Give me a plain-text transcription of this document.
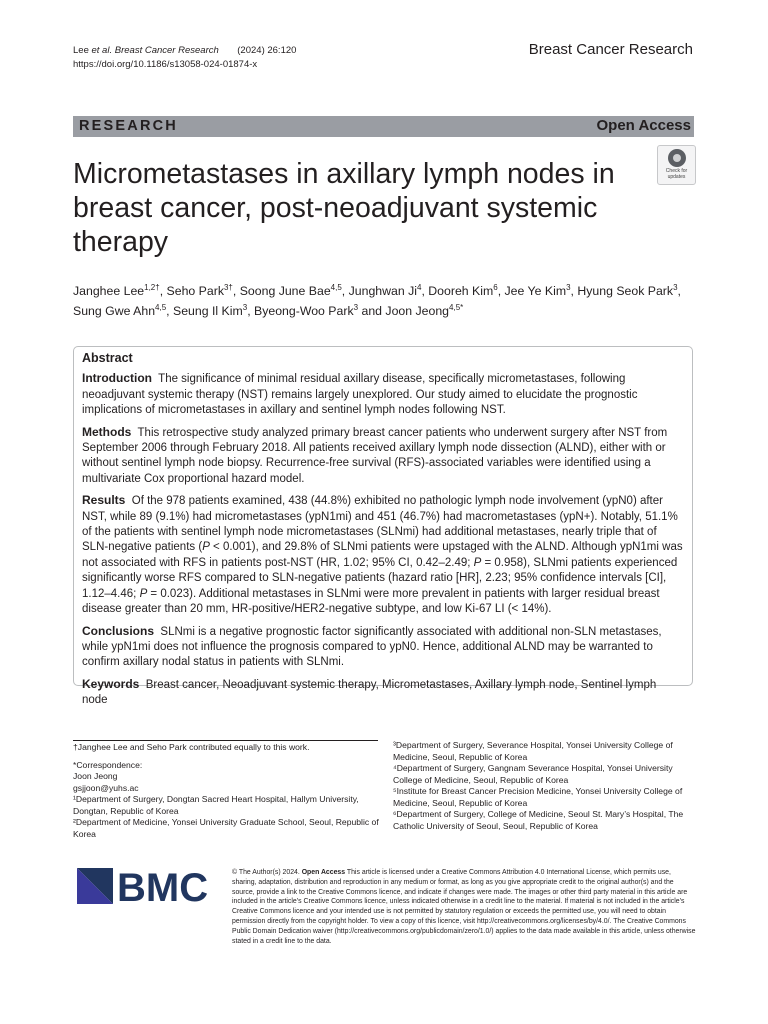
Lee et al. Breast Cancer Research (2024) 26:120
https://doi.org/10.1186/s13058-024-01874-x
Breast Cancer Research
RESEARCH	Open Access
Check for
updates
Micrometastases in axillary lymph nodes in breast cancer, post-neoadjuvant systemic therapy
Janghee Lee$^{1,2\dagger}$, Seho Park$^{3\dagger}$, Soong June Bae$^{4,5}$, Junghwan Ji$^4$, Dooreh Kim$^6$, Jee Ye Kim$^3$, Hyung Seok Park$^3$, Sung Gwe Ahn$^{4,5}$, Seung Il Kim$^3$, Byeong-Woo Park$^3$ and Joon Jeong$^{4,5*}$
Abstract

Introduction The significance of minimal residual axillary disease, specifically micrometastases, following neoadjuvant systemic therapy (NST) remains largely unexplored. Our study aimed to elucidate the prognostic implications of micrometastases in axillary and sentinel lymph nodes following NST.

Methods This retrospective study analyzed primary breast cancer patients who underwent surgery after NST from September 2006 through February 2018. All patients received axillary lymph node dissection (ALND), either with or without sentinel lymph node biopsy. Recurrence-free survival (RFS)-associated variables were identified using a multivariate Cox proportional hazard model.

Results Of the 978 patients examined, 438 (44.8%) exhibited no pathologic lymph node involvement (ypN0) after NST, while 89 (9.1%) had micrometastases (ypN1mi) and 451 (46.7%) had macrometastases (ypN+). Notably, 51.1% of the patients with sentinel lymph node micrometastases (SLNmi) had additional metastases, nearly triple that of SLN-negative patients (P < 0.001), and 29.8% of SLNmi patients were upstaged with the ALND. Although ypN1mi was not associated with RFS in patients post-NST (HR, 1.02; 95% CI, 0.42–2.49; P = 0.958), SLNmi patients experienced significantly worse RFS compared to SLN-negative patients (hazard ratio [HR], 2.23; 95% confidence intervals [CI], 1.12–4.46; P = 0.023). Additional metastases in SLNmi were more prevalent in patients with larger residual breast disease greater than 20 mm, HR-positive/HER2-negative subtype, and low Ki-67 LI (< 14%).

Conclusions SLNmi is a negative prognostic factor significantly associated with additional non-SLN metastases, while ypN1mi does not influence the prognosis compared to ypN0. Hence, additional ALND may be warranted to confirm axillary nodal status in patients with SLNmi.

Keywords Breast cancer, Neoadjuvant systemic therapy, Micrometastases, Axillary lymph node, Sentinel lymph node

†Janghee Lee and Seho Park contributed equally to this work.

*Correspondence:

Joon Jeong

gsjjoon@yuhs.ac

¹Department of Surgery, Dongtan Sacred Heart Hospital, Hallym University, Dongtan, Republic of Korea

²Department of Medicine, Yonsei University Graduate School, Seoul, Republic of Korea

³Department of Surgery, Severance Hospital, Yonsei University College of Medicine, Seoul, Republic of Korea

⁴Department of Surgery, Gangnam Severance Hospital, Yonsei University College of Medicine, Seoul, Republic of Korea

⁵Institute for Breast Cancer Precision Medicine, Yonsei University College of Medicine, Seoul, Republic of Korea

⁶Department of Surgery, College of Medicine, Seoul St. Mary’s Hospital, The Catholic University of Seoul, Seoul, Republic of Korea

BMC	© The Author(s) 2024. Open Access This article is licensed under a Creative Commons Attribution 4.0 International License, which permits use, sharing, adaptation, distribution and reproduction in any medium or format, as long as you give appropriate credit to the original author(s) and the source, provide a link to the Creative Commons licence, and indicate if changes were made. The images or other third party material in this article are included in the article’s Creative Commons licence, unless indicated otherwise in a credit line to the material. If material is not included in the article’s Creative Commons licence and your intended use is not permitted by statutory regulation or exceeds the permitted use, you will need to obtain permission directly from the copyright holder. To view a copy of this licence, visit http://creativecommons.org/licenses/by/4.0/. The Creative Commons Public Domain Dedication waiver (http://creativecommons.org/publicdomain/zero/1.0/) applies to the data made available in this article, unless otherwise stated in a credit line to the data.
